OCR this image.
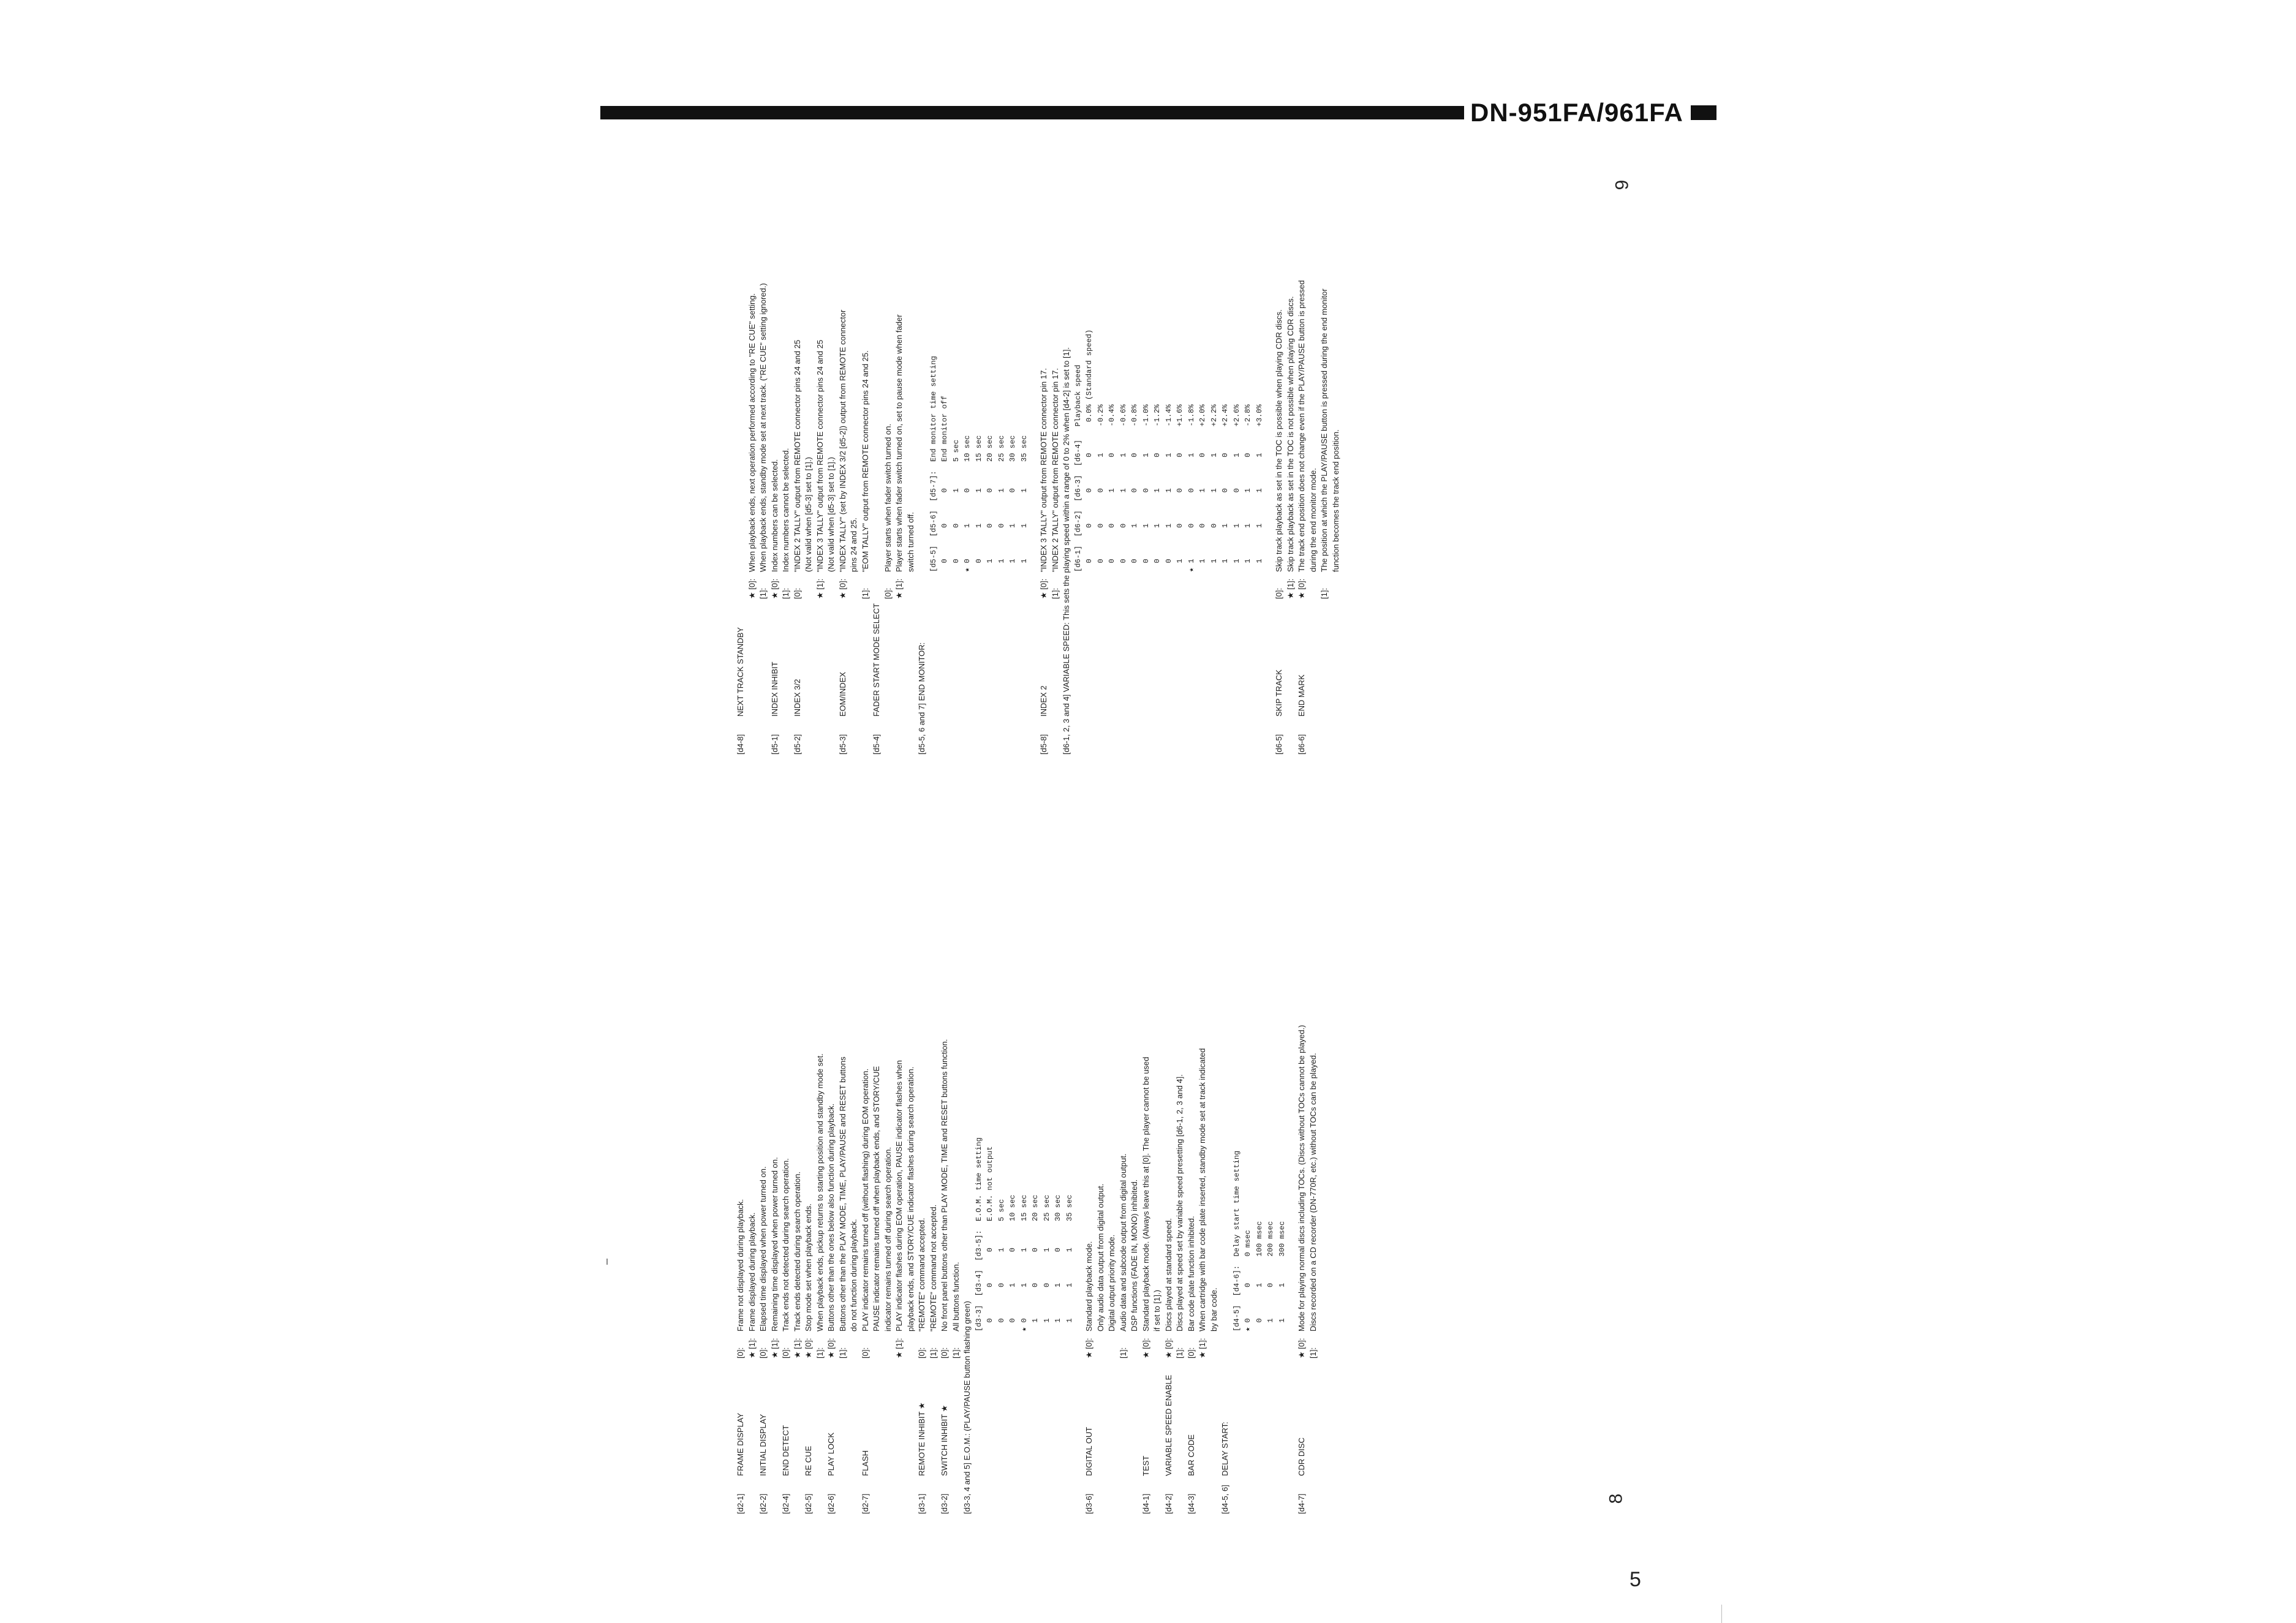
DN-951FA/961FA
9
8
5
[d2-1]
FRAME DISPLAY
[0]:
Frame not displayed during playback.
★ [1]:
Frame displayed during playback.
[d2-2]
INITIAL DISPLAY
[0]:
Elapsed time displayed when power turned on.
★ [1]:
Remaining time displayed when power turned on.
[d2-4]
END DETECT
[0]:
Track ends not detected during search operation.
★ [1]:
Track ends detected during search operation.
[d2-5]
RE CUE
★ [0]:
Stop mode set when playback ends.
[1]:
When playback ends, pickup returns to starting position and standby mode set.
[d2-6]
PLAY LOCK
★ [0]:
Buttons other than the ones below also function during playback.
[1]:
Buttons other than the PLAY MODE, TIME, PLAY/PAUSE and RESET buttons do not function during playback.
[d2-7]
FLASH
[0]:
PLAY indicator remains turned off (without flashing) during EOM operation. PAUSE indicator remains turned off when playback ends, and STORY/CUE indicator remains turned off during search operation.
★ [1]:
PLAY indicator flashes during EOM operation, PAUSE indicator flashes when playback ends, and STORY/CUE indicator flashes during search operation.
[d3-1]
REMOTE INHIBIT ★
[0]:
"REMOTE" command accepted.
[1]:
"REMOTE" command not accepted.
[d3-2]
SWITCH INHIBIT ★
[0]:
No front panel buttons other than PLAY MODE, TIME and RESET buttons function.
[1]:
All buttons function.
[d3-3, 4 and 5] E.O.M.: (PLAY/PAUSE button flashing green)
[d3-3]  [d3-4]  [d3-5]:  E.O.M. time setting 0       0       0      E.O.M. not output 0       0       1      5 sec 0       1       0      10 sec ★ 0       1       1      15 sec 1       0       0      20 sec 1       0       1      25 sec 1       1       0      30 sec 1       1       1      35 sec
[d3-6]
DIGITAL OUT
★ [0]:
Standard playback mode. Only audio data output from digital output. Digital output priority mode.
[1]:
Audio data and subcode output from digital output. DSP functions (FADE IN, MONO) inhibited.
[d4-1]
TEST
★ [0]:
Standard playback mode. (Always leave this at [0]. The player cannot be used if set to [1].)
[d4-2]
VARIABLE SPEED ENABLE
★ [0]:
Discs played at standard speed.
[1]:
Discs played at speed set by variable speed presetting [d6-1, 2, 3 and 4].
[d4-3]
BAR CODE
[0]:
Bar code plate function inhibited.
★ [1]:
When cartridge with bar code plate inserted, standby mode set at track indicated by bar code.
[d4-5, 6]
DELAY START:
[d4-5]  [d4-6]:  Delay start time setting ★ 0       0      0 msec 0       1      100 msec 1       0      200 msec 1       1      300 msec
[d4-7]
CDR DISC
★ [0]:
Mode for playing normal discs including TOCs. (Discs without TOCs cannot be played.)
[1]:
Discs recorded on a CD recorder (DN-770R, etc.) without TOCs can be played.
[d4-8]
NEXT TRACK STANDBY
★ [0]:
When playback ends, next operation performed according to "RE CUE" setting.
[1]:
When playback ends, standby mode set at next track. ("RE CUE" setting ignored.)
[d5-1]
INDEX INHIBIT
★ [0]:
Index numbers can be selected.
[1]:
Index numbers cannot be selected.
[d5-2]
INDEX 3/2
[0]:
"INDEX 2 TALLY" output from REMOTE connector pins 24 and 25 (Not valid when [d5-3] set to [1].)
★ [1]:
"INDEX 3 TALLY" output from REMOTE connector pins 24 and 25 (Not valid when [d5-3] set to [1].)
[d5-3]
EOM/INDEX
★ [0]:
"INDEX TALLY" (set by INDEX 3/2 [d5-2]) output from REMOTE connector pins 24 and 25.
[1]:
"EOM TALLY" output from REMOTE connector pins 24 and 25.
[d5-4]
FADER START MODE SELECT
[0]:
Player starts when fader switch turned on.
★ [1]:
Player starts when fader switch turned on, set to pause mode when fader switch turned off.
[d5-5, 6 and 7] END MONITOR:
[d5-5]  [d5-6]  [d5-7]:  End monitor time setting 0       0       0      End monitor off 0       0       1      5 sec ★ 0       1       0      10 sec 0       1       1      15 sec 1       0       0      20 sec 1       0       1      25 sec 1       1       0      30 sec 1       1       1      35 sec
[d5-8]
INDEX 2
★ [0]:
"INDEX 3 TALLY" output from REMOTE connector pin 17.
[1]:
"INDEX 2 TALLY" output from REMOTE connector pin 17. [d6-1, 2, 3 and 4] VARIABLE SPEED: This sets the playing speed within a range of 0 to 2% when [d4-2] is set to [1]. [d6-1]  [d6-2]  [d6-3]  [d6-4]   Playback speed 0       0       0       0       0.0% (Standard speed) 0       0       0       1      -0.2% 0       0       1       0      -0.4% 0       0       1       1      -0.6% 0       1       0       0      -0.8% 0       1       0       1      -1.0% 0       1       1       0      -1.2% 0       1       1       1      -1.4% 1       0       0       0      +1.6% ★ 1       0       0       1      -1.8% 1       0       1       0      +2.0% 1       0       1       1      +2.2% 1       1       0       0      +2.4% 1       1       0       1      +2.6% 1       1       1       0      -2.8% 1       1       1       1      +3.0%
[d6-5]
SKIP TRACK
[0]:
Skip track playback as set in the TOC is possible when playing CDR discs.
★ [1]:
Skip track playback as set in the TOC is not possible when playing CDR discs.
[d6-6]
END MARK
★ [0]:
The track end position does not change even if the PLAY/PAUSE button is pressed during the end monitor mode.
[1]:
The position at which the PLAY/PAUSE button is pressed during the end monitor function becomes the track end position.
